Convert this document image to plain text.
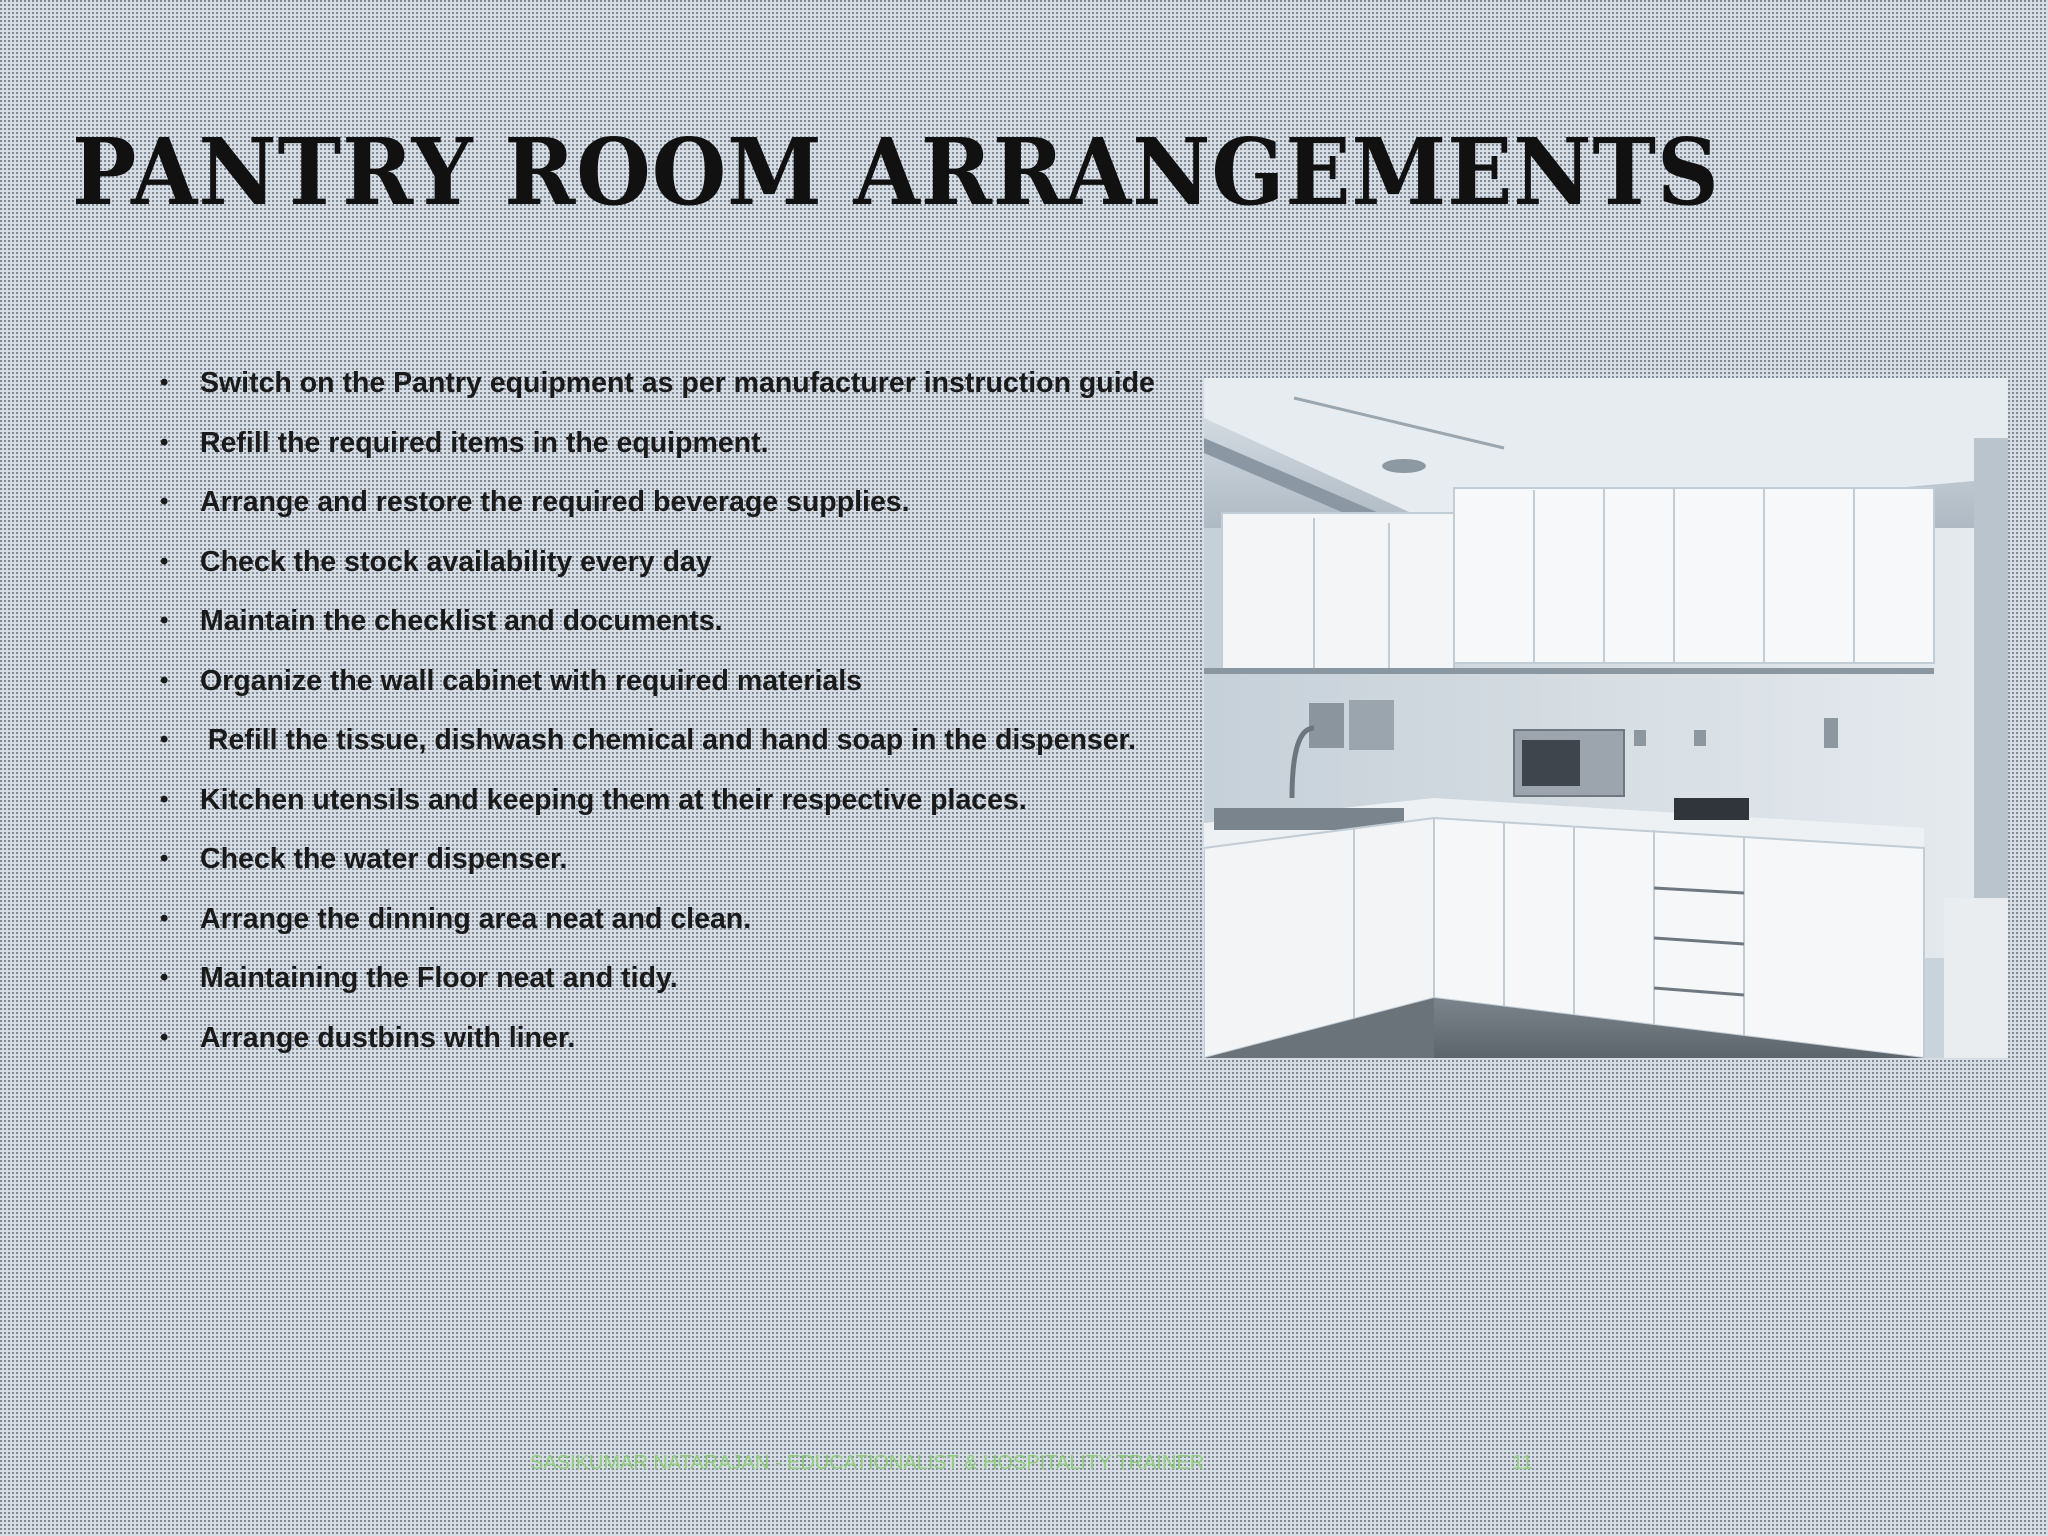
PANTRY ROOM ARRANGEMENTS
• Switch on the Pantry equipment as per manufacturer instruction guide
• Refill the required items in the equipment.
• Arrange and restore the required beverage supplies.
• Check the stock availability every day
• Maintain the checklist and documents.
• Organize the wall cabinet with required materials
• Refill the tissue, dishwash chemical and hand soap in the dispenser.
• Kitchen utensils and keeping them at their respective places.
• Check the water dispenser.
• Arrange the dinning area neat and clean.
• Maintaining the Floor neat and tidy.
• Arrange dustbins with liner.
SASIKUMAR NATARAJAN - EDUCATIONALIST & HOSPITALITY TRAINER	11
